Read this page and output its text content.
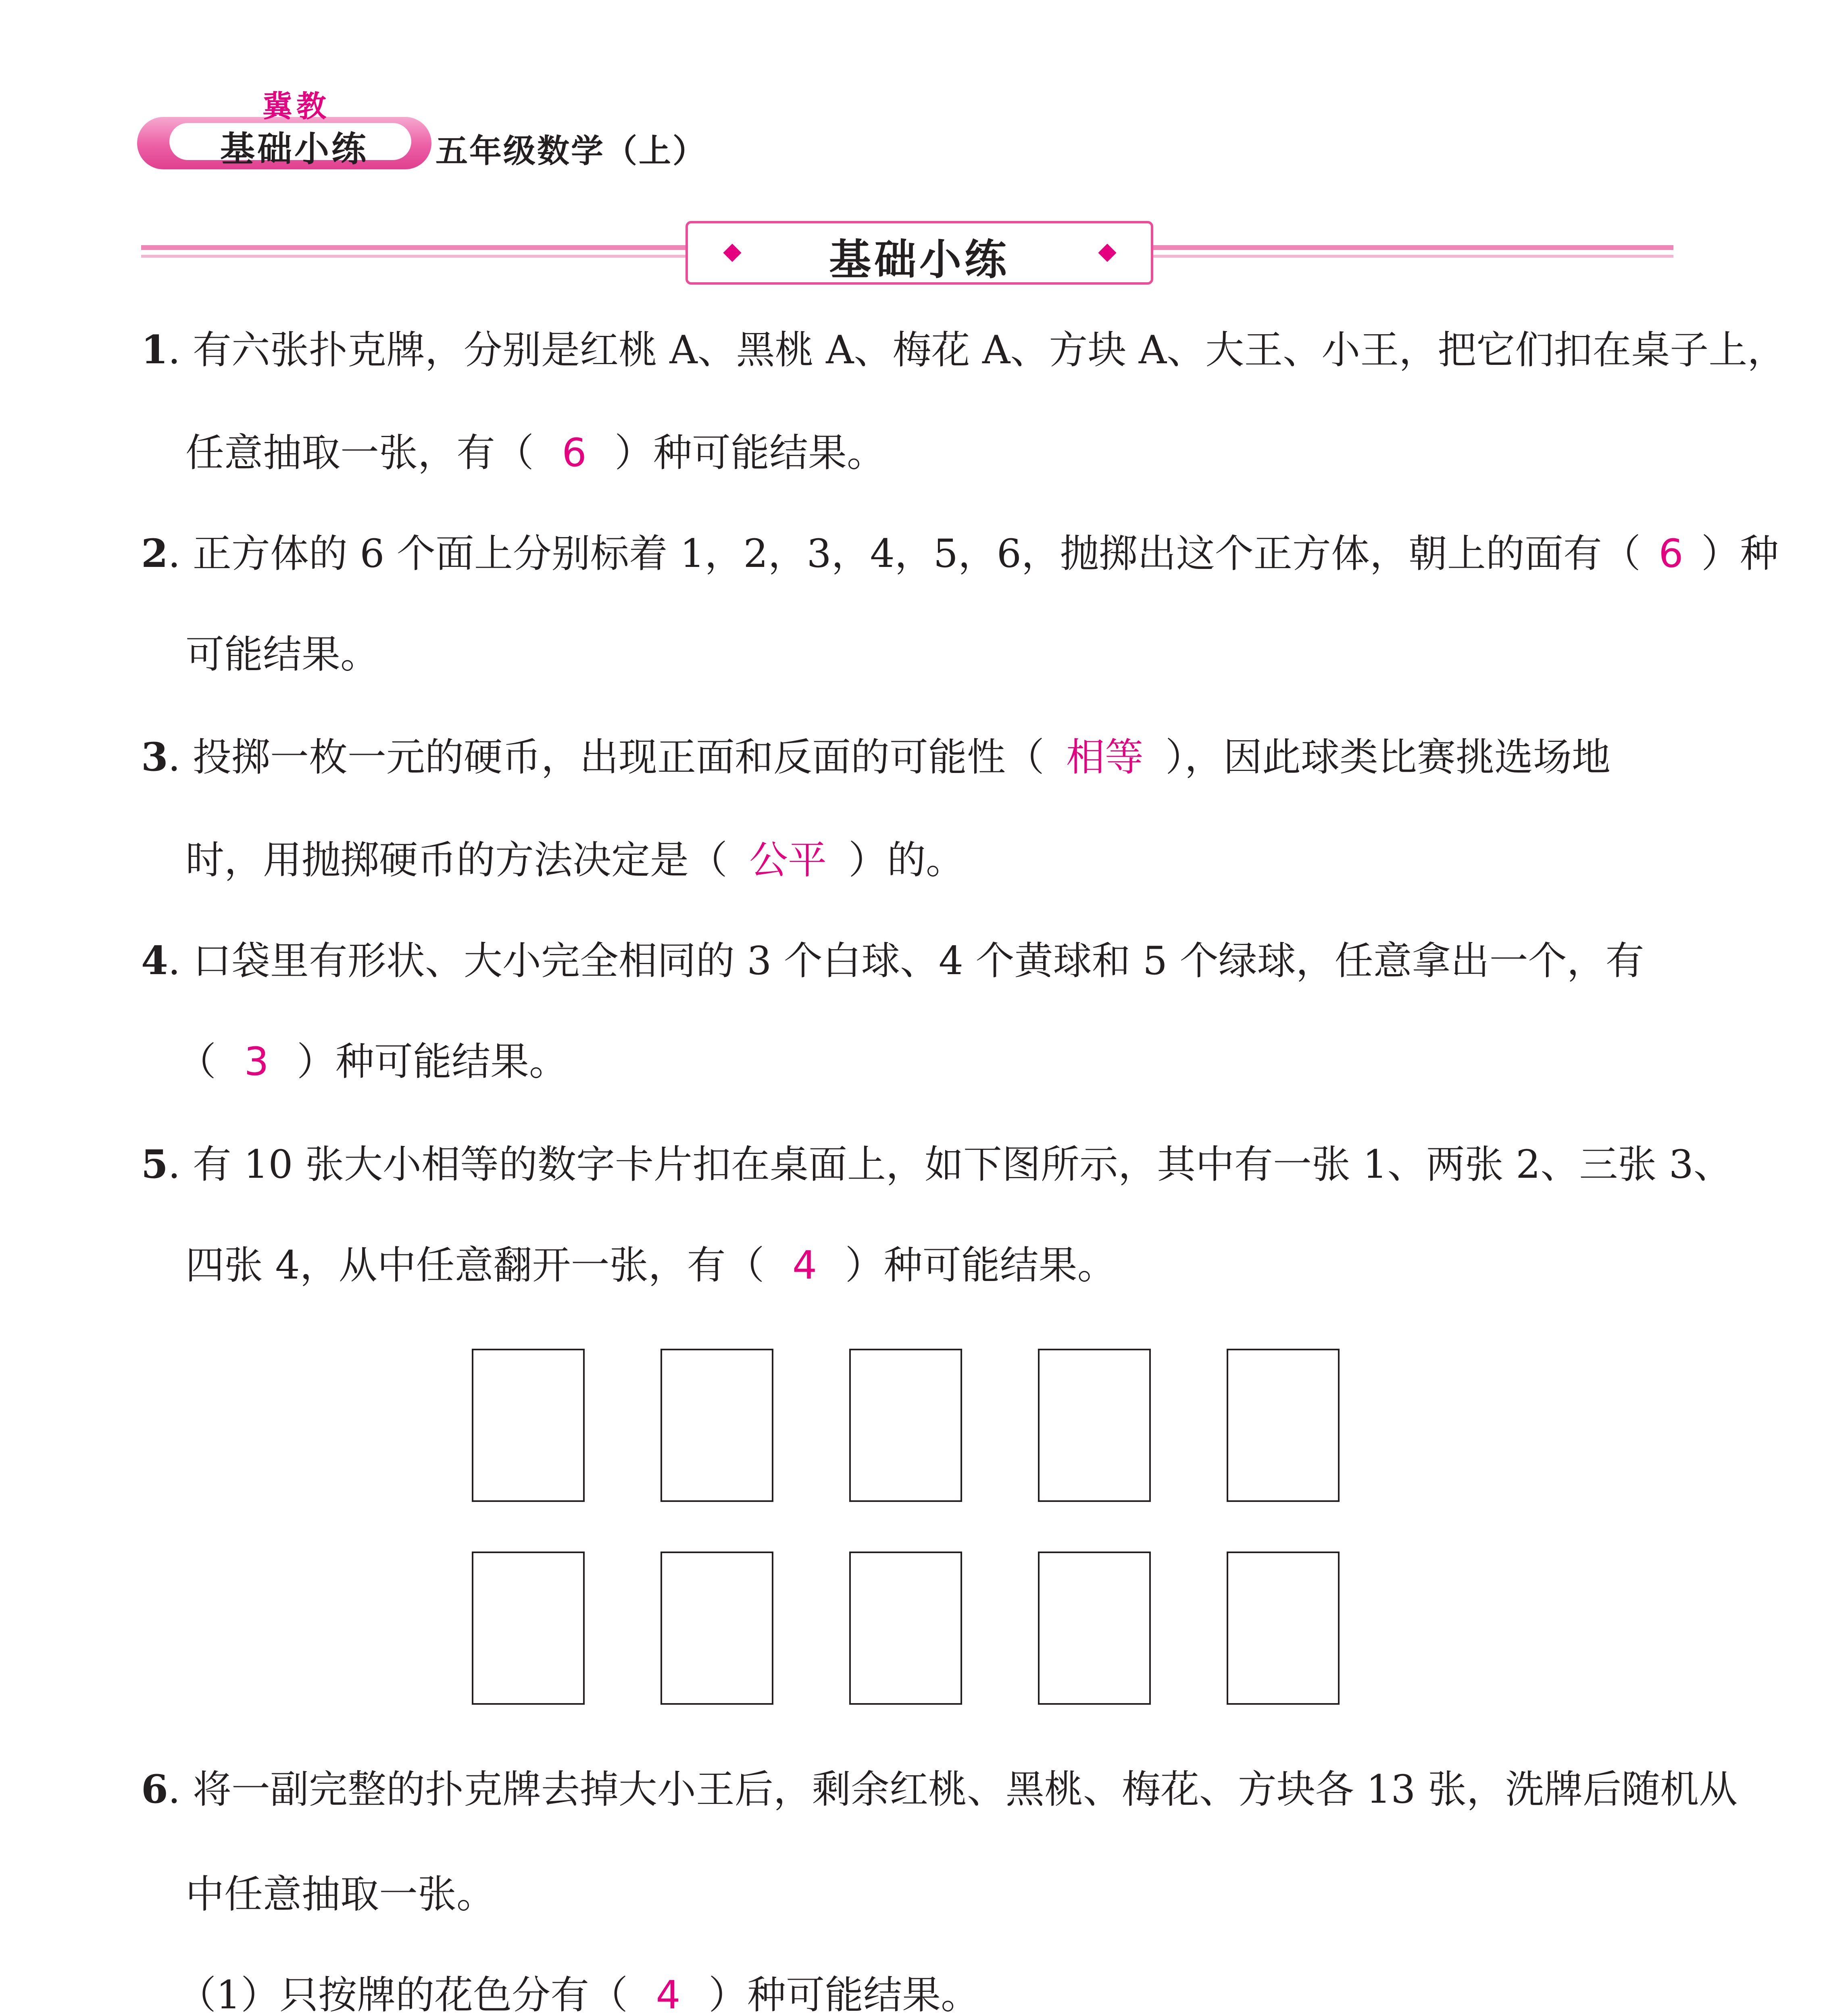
冀教
基础小练	五年级数学（上）
基础小练
1. 有六张扑克牌，分别是红桃 A、黑桃 A、梅花 A、方块 A、大王、小王，把它们扣在桌子上，
任意抽取一张，有（ 6 ）种可能结果。
2. 正方体的 6 个面上分别标着 1，2，3，4，5，6，抛掷出这个正方体，朝上的面有（ 6 ）种
可能结果。
3. 投掷一枚一元的硬币，出现正面和反面的可能性（ 相等 ），因此球类比赛挑选场地
时，用抛掷硬币的方法决定是（ 公平 ）的。
4. 口袋里有形状、大小完全相同的 3 个白球、4 个黄球和 5 个绿球，任意拿出一个，有
（ 3 ）种可能结果。
5. 有 10 张大小相等的数字卡片扣在桌面上，如下图所示，其中有一张 1、两张 2、三张 3、
四张 4，从中任意翻开一张，有（ 4 ）种可能结果。
6. 将一副完整的扑克牌去掉大小王后，剩余红桃、黑桃、梅花、方块各 13 张，洗牌后随机从
中任意抽取一张。
（1）只按牌的花色分有（ 4 ）种可能结果。
